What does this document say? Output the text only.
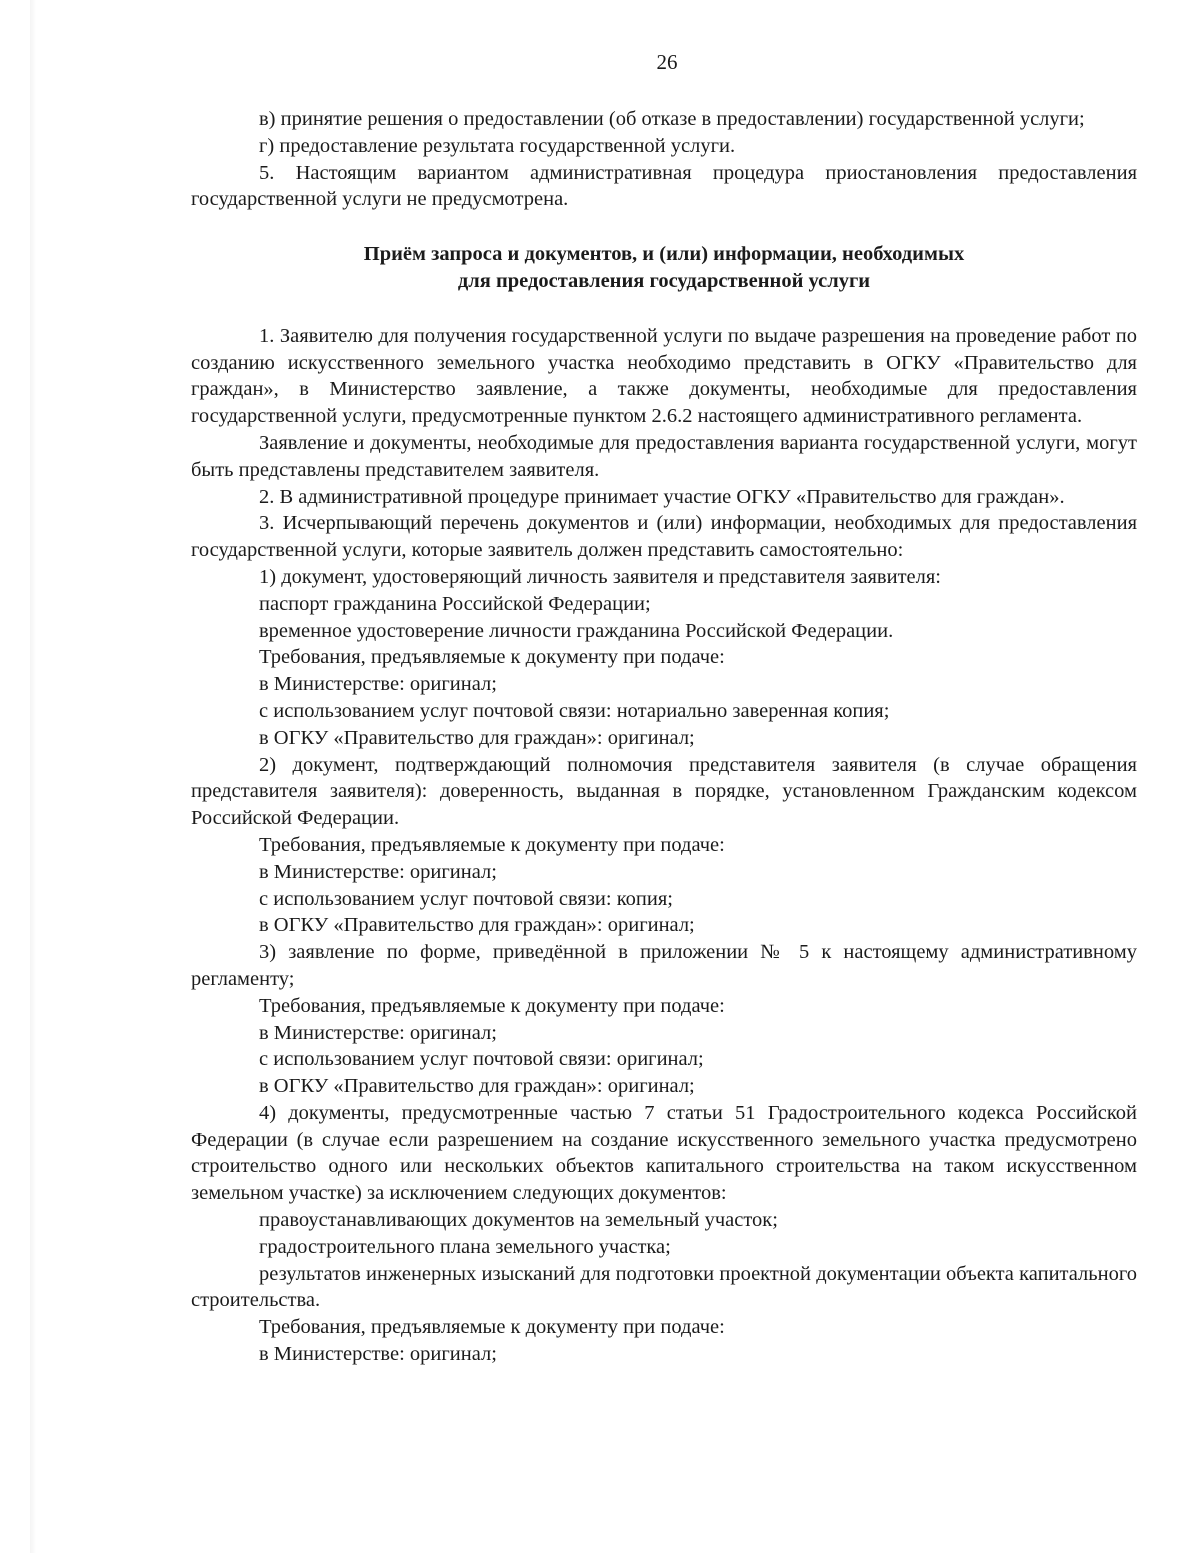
26

в) принятие решения о предоставлении (об отказе в предоставлении) государственной услуги;

г) предоставление результата государственной услуги.

5. Настоящим вариантом административная процедура приостановления предоставления государственной услуги не предусмотрена.

Приём запроса и документов, и (или) информации, необходимых
для предоставления государственной услуги

1. Заявителю для получения государственной услуги по выдаче разрешения на проведение работ по созданию искусственного земельного участка необходимо представить в ОГКУ «Правительство для граждан», в Министерство заявление, а также документы, необходимые для предоставления государственной услуги, предусмотренные пунктом 2.6.2 настоящего административного регламента.

Заявление и документы, необходимые для предоставления варианта государственной услуги, могут быть представлены представителем заявителя.

2. В административной процедуре принимает участие ОГКУ «Правительство для граждан».

3. Исчерпывающий перечень документов и (или) информации, необходимых для предоставления государственной услуги, которые заявитель должен представить самостоятельно:

1) документ, удостоверяющий личность заявителя и представителя заявителя:

паспорт гражданина Российской Федерации;

временное удостоверение личности гражданина Российской Федерации.

Требования, предъявляемые к документу при подаче:

в Министерстве: оригинал;

с использованием услуг почтовой связи: нотариально заверенная копия;

в ОГКУ «Правительство для граждан»: оригинал;

2) документ, подтверждающий полномочия представителя заявителя (в случае обращения представителя заявителя): доверенность, выданная в порядке, установленном Гражданским кодексом Российской Федерации.

Требования, предъявляемые к документу при подаче:

в Министерстве: оригинал;

с использованием услуг почтовой связи: копия;

в ОГКУ «Правительство для граждан»: оригинал;

3) заявление по форме, приведённой в приложении № 5 к настоящему административному регламенту;

Требования, предъявляемые к документу при подаче:

в Министерстве: оригинал;

с использованием услуг почтовой связи: оригинал;

в ОГКУ «Правительство для граждан»: оригинал;

4) документы, предусмотренные частью 7 статьи 51 Градостроительного кодекса Российской Федерации (в случае если разрешением на создание искусственного земельного участка предусмотрено строительство одного или нескольких объектов капитального строительства на таком искусственном земельном участке) за исключением следующих документов:

правоустанавливающих документов на земельный участок;

градостроительного плана земельного участка;

результатов инженерных изысканий для подготовки проектной документации объекта капитального строительства.

Требования, предъявляемые к документу при подаче:

в Министерстве: оригинал;
